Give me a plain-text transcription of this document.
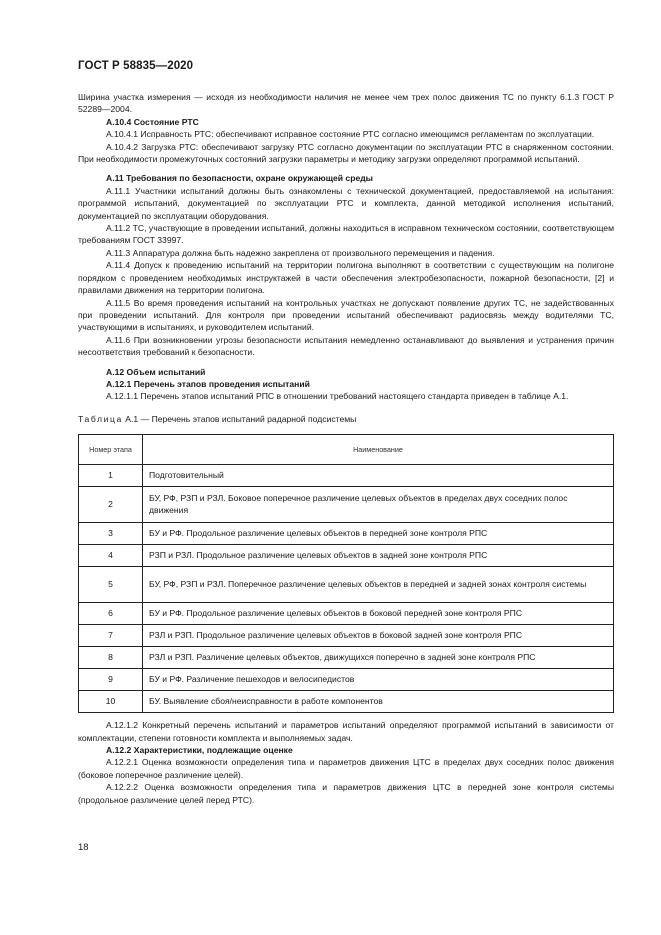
ГОСТ Р 58835—2020

Ширина участка измерения — исходя из необходимости наличия не менее чем трех полос движения ТС по пункту 6.1.3 ГОСТ Р 52289—2004.

А.10.4 Состояние РТС

А.10.4.1 Исправность РТС: обеспечивают исправное состояние РТС согласно имеющимся регламентам по эксплуатации.

А.10.4.2 Загрузка РТС: обеспечивают загрузку РТС согласно документации по эксплуатации РТС в снаряженном состоянии. При необходимости промежуточных состояний загрузки параметры и методику загрузки определяют программой испытаний.

А.11 Требования по безопасности, охране окружающей среды

А.11.1 Участники испытаний должны быть ознакомлены с технической документацией, предоставляемой на испытания: программой испытаний, документацией по эксплуатации РТС и комплекта, данной методикой исполнения испытаний, документацией по эксплуатации оборудования.

А.11.2 ТС, участвующие в проведении испытаний, должны находиться в исправном техническом состоянии, соответствующем требованиям ГОСТ 33997.

А.11.3 Аппаратура должна быть надежно закреплена от произвольного перемещения и падения.

А.11.4 Допуск к проведению испытаний на территории полигона выполняют в соответствии с существующим на полигоне порядком с проведением необходимых инструктажей в части обеспечения электробезопасности, пожарной безопасности, [2] и правилами движения на территории полигона.

А.11.5 Во время проведения испытаний на контрольных участках не допускают появление других ТС, не задействованных при проведении испытаний. Для контроля при проведении испытаний обеспечивают радиосвязь между водителями ТС, участвующими в испытаниях, и руководителем испытаний.

А.11.6 При возникновении угрозы безопасности испытания немедленно останавливают до выявления и устранения причин несоответствия требований к безопасности.

А.12 Объем испытаний

А.12.1 Перечень этапов проведения испытаний

А.12.1.1 Перечень этапов испытаний РПС в отношении требований настоящего стандарта приведен в таблице А.1.

Таблица А.1 — Перечень этапов испытаний радарной подсистемы

Номер этапа	Наименование
1	Подготовительный
2	БУ, РФ, РЗП и РЗЛ. Боковое поперечное различение целевых объектов в пределах двух соседних полос движения
3	БУ и РФ. Продольное различение целевых объектов в передней зоне контроля РПС
4	РЗП и РЗЛ. Продольное различение целевых объектов в задней зоне контроля РПС
5	БУ, РФ, РЗП и РЗЛ. Поперечное различение целевых объектов в передней и задней зонах контроля системы
6	БУ и РФ. Продольное различение целевых объектов в боковой передней зоне контроля РПС
7	РЗЛ и РЗП. Продольное различение целевых объектов в боковой задней зоне контроля РПС
8	РЗЛ и РЗП. Различение целевых объектов, движущихся поперечно в задней зоне контроля РПС
9	БУ и РФ. Различение пешеходов и велосипедистов
10	БУ. Выявление сбоя/неисправности в работе компонентов

А.12.1.2 Конкретный перечень испытаний и параметров испытаний определяют программой испытаний в зависимости от комплектации, степени готовности комплекта и выполняемых задач.

А.12.2 Характеристики, подлежащие оценке

А.12.2.1 Оценка возможности определения типа и параметров движения ЦТС в пределах двух соседних полос движения (боковое поперечное различение целей).

А.12.2.2 Оценка возможности определения типа и параметров движения ЦТС в передней зоне контроля системы (продольное различение целей перед РТС).

18
